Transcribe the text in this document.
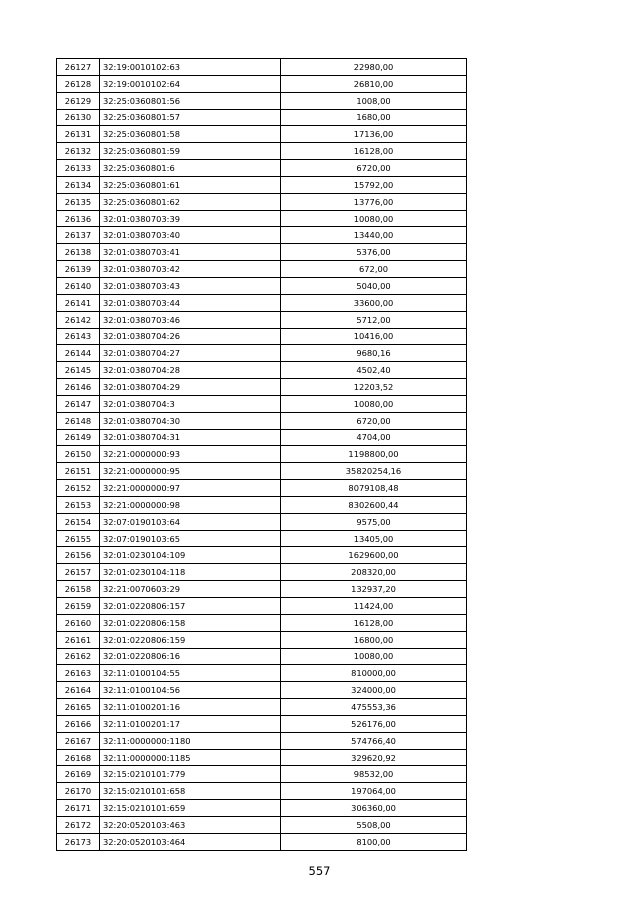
26127	32:19:0010102:63	22980,00
26128	32:19:0010102:64	26810,00
26129	32:25:0360801:56	1008,00
26130	32:25:0360801:57	1680,00
26131	32:25:0360801:58	17136,00
26132	32:25:0360801:59	16128,00
26133	32:25:0360801:6	6720,00
26134	32:25:0360801:61	15792,00
26135	32:25:0360801:62	13776,00
26136	32:01:0380703:39	10080,00
26137	32:01:0380703:40	13440,00
26138	32:01:0380703:41	5376,00
26139	32:01:0380703:42	672,00
26140	32:01:0380703:43	5040,00
26141	32:01:0380703:44	33600,00
26142	32:01:0380703:46	5712,00
26143	32:01:0380704:26	10416,00
26144	32:01:0380704:27	9680,16
26145	32:01:0380704:28	4502,40
26146	32:01:0380704:29	12203,52
26147	32:01:0380704:3	10080,00
26148	32:01:0380704:30	6720,00
26149	32:01:0380704:31	4704,00
26150	32:21:0000000:93	1198800,00
26151	32:21:0000000:95	35820254,16
26152	32:21:0000000:97	8079108,48
26153	32:21:0000000:98	8302600,44
26154	32:07:0190103:64	9575,00
26155	32:07:0190103:65	13405,00
26156	32:01:0230104:109	1629600,00
26157	32:01:0230104:118	208320,00
26158	32:21:0070603:29	132937,20
26159	32:01:0220806:157	11424,00
26160	32:01:0220806:158	16128,00
26161	32:01:0220806:159	16800,00
26162	32:01:0220806:16	10080,00
26163	32:11:0100104:55	810000,00
26164	32:11:0100104:56	324000,00
26165	32:11:0100201:16	475553,36
26166	32:11:0100201:17	526176,00
26167	32:11:0000000:1180	574766,40
26168	32:11:0000000:1185	329620,92
26169	32:15:0210101:779	98532,00
26170	32:15:0210101:658	197064,00
26171	32:15:0210101:659	306360,00
26172	32:20:0520103:463	5508,00
26173	32:20:0520103:464	8100,00
557
